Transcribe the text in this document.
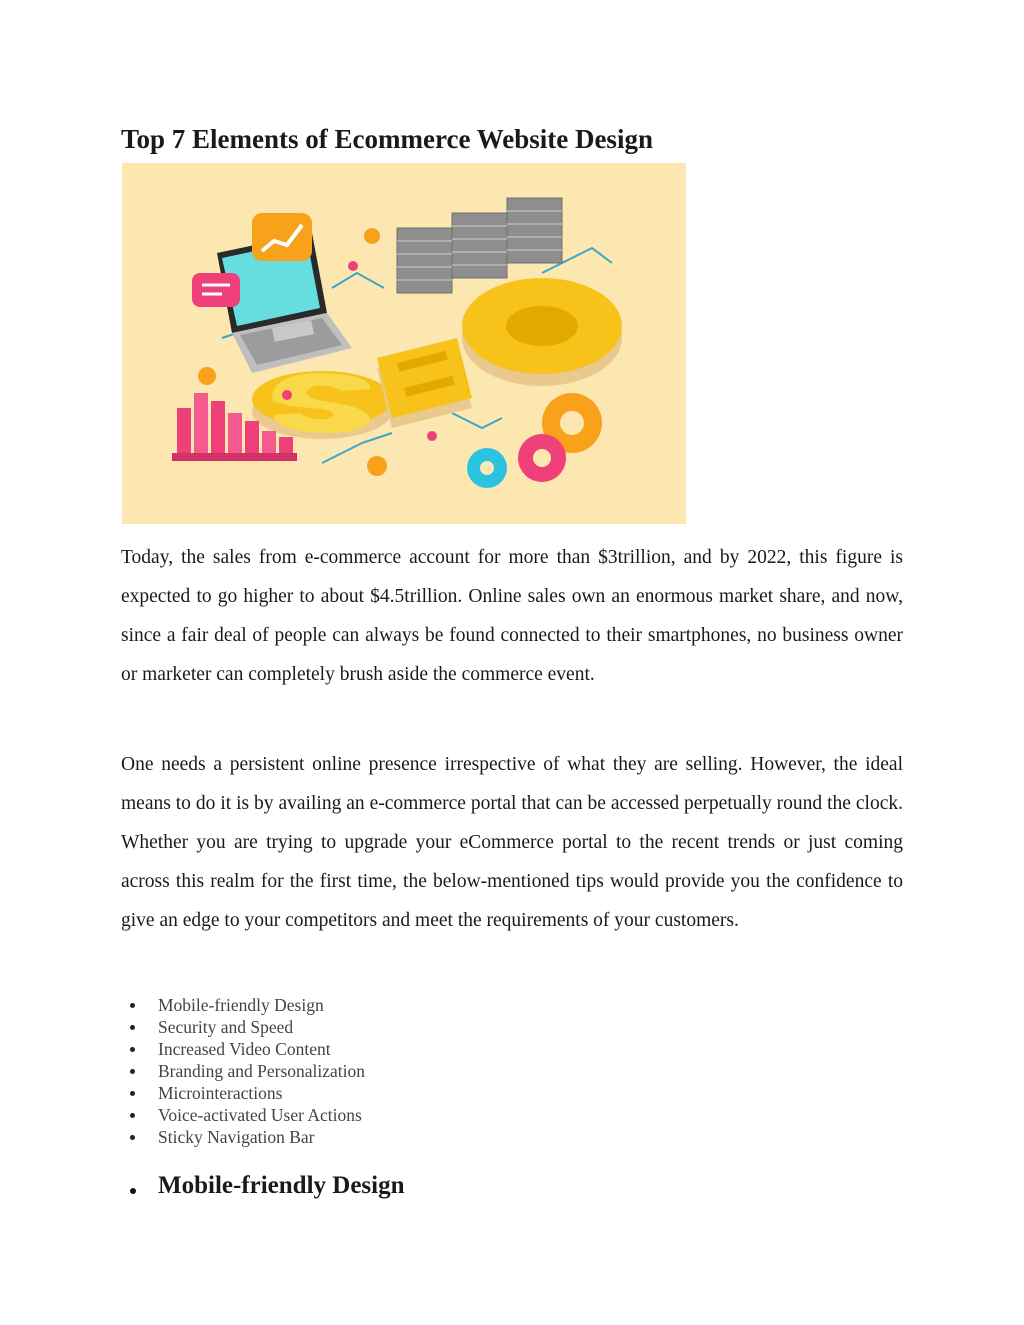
Top 7 Elements of Ecommerce Website Design

Today, the sales from e-commerce account for more than $3trillion, and by 2022, this figure is expected to go higher to about $4.5trillion. Online sales own an enormous market share, and now, since a fair deal of people can always be found connected to their smartphones, no business owner or marketer can completely brush aside the commerce event.

One needs a persistent online presence irrespective of what they are selling. However, the ideal means to do it is by availing an e-commerce portal that can be accessed perpetually round the clock. Whether you are trying to upgrade your eCommerce portal to the recent trends or just coming across this realm for the first time, the below-mentioned tips would provide you the confidence to give an edge to your competitors and meet the requirements of your customers.

Mobile-friendly Design
Security and Speed
Increased Video Content
Branding and Personalization
Microinteractions
Voice-activated User Actions
Sticky Navigation Bar
Mobile-friendly Design
